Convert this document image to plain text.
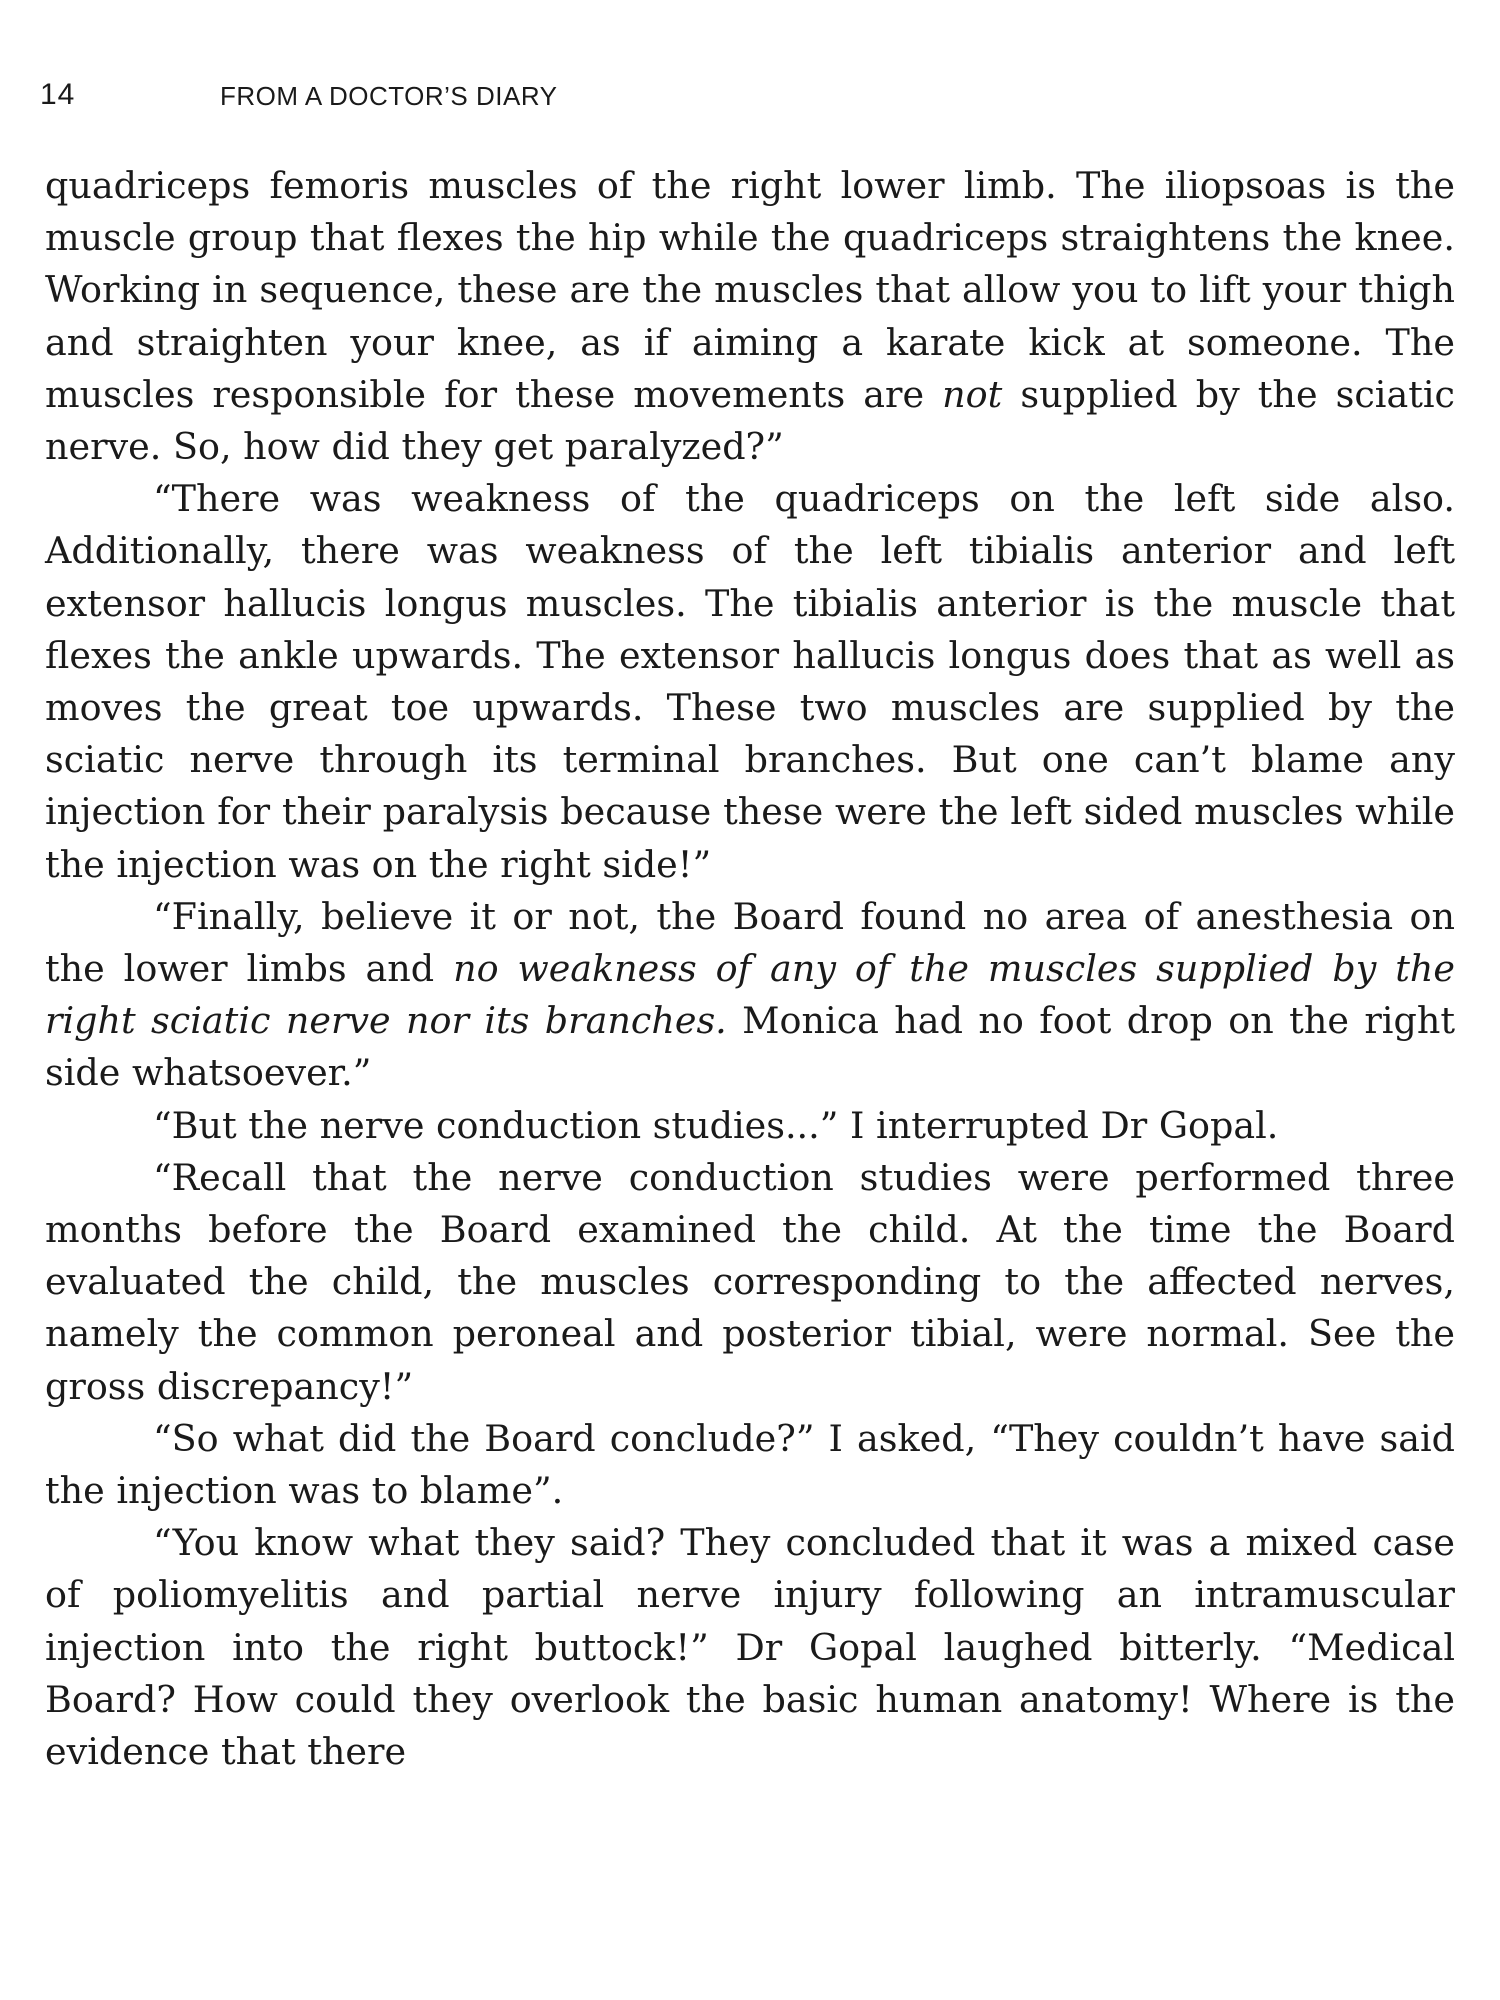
14	FROM A DOCTOR’S DIARY

quadriceps femoris muscles of the right lower limb. The iliopsoas is the muscle group that flexes the hip while the quadriceps straightens the knee. Working in sequence, these are the muscles that allow you to lift your thigh and straighten your knee, as if aiming a karate kick at someone. The muscles responsible for these movements are not supplied by the sciatic nerve. So, how did they get paralyzed?”

“There was weakness of the quadriceps on the left side also. Additionally, there was weakness of the left tibialis anterior and left extensor hallucis longus muscles. The tibialis anterior is the muscle that flexes the ankle upwards. The extensor hallucis longus does that as well as moves the great toe upwards. These two muscles are supplied by the sciatic nerve through its terminal branches. But one can’t blame any injection for their paralysis because these were the left sided muscles while the injection was on the right side!”

“Finally, believe it or not, the Board found no area of anesthesia on the lower limbs and no weakness of any of the muscles supplied by the right sciatic nerve nor its branches. Monica had no foot drop on the right side whatsoever.”

“But the nerve conduction studies...” I interrupted Dr Gopal.

“Recall that the nerve conduction studies were performed three months before the Board examined the child. At the time the Board evaluated the child, the muscles corresponding to the affected nerves, namely the common peroneal and posterior tibial, were normal. See the gross discrepancy!”

“So what did the Board conclude?” I asked, “They couldn’t have said the injection was to blame”.

“You know what they said? They concluded that it was a mixed case of poliomyelitis and partial nerve injury following an intramuscular injection into the right buttock!” Dr Gopal laughed bitterly. “Medical Board? How could they overlook the basic human anatomy! Where is the evidence that there
